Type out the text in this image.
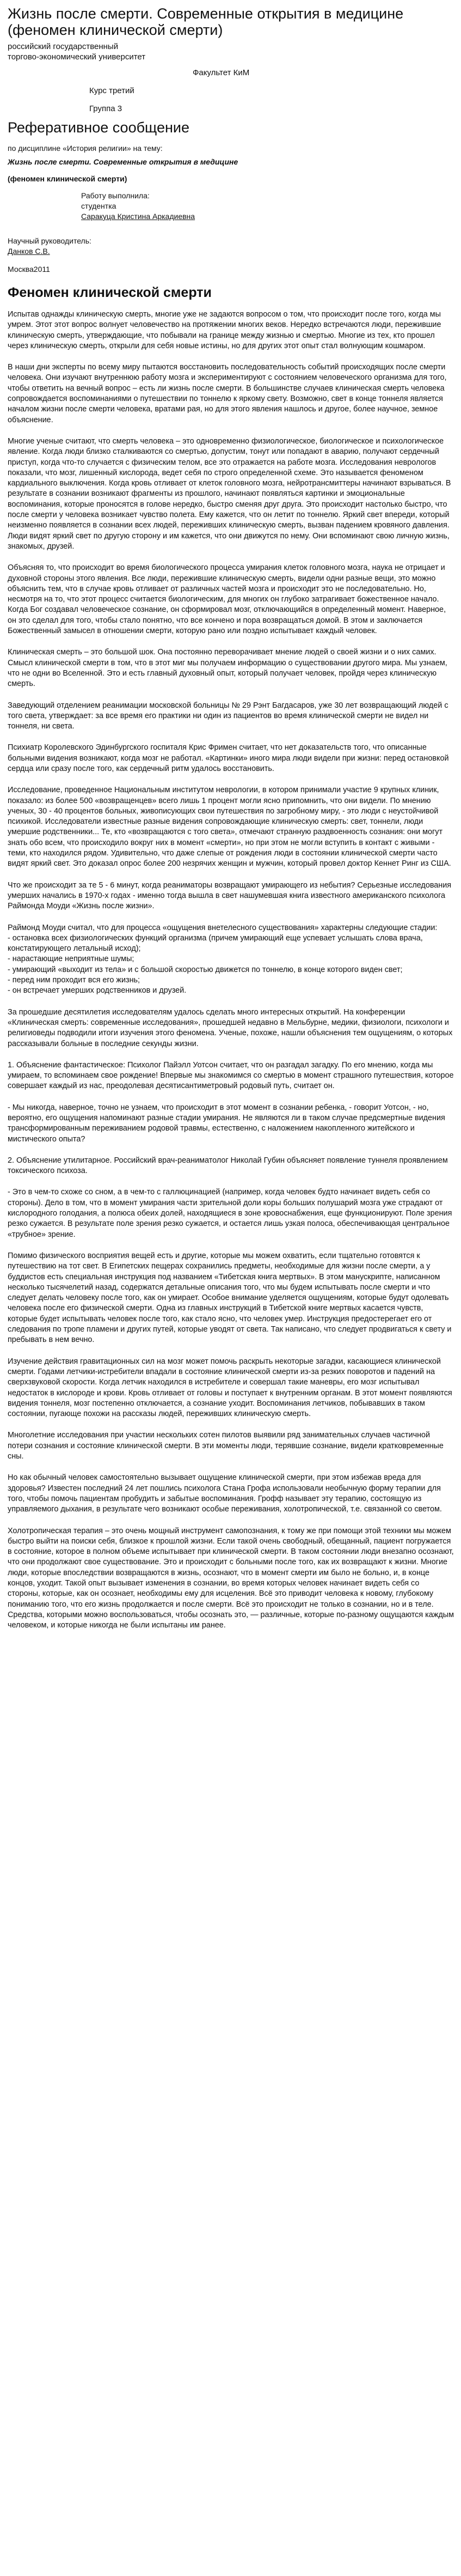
Жизнь после смерти. Современные открытия в медицине
(феномен клинической смерти)

российский государственный

торгово-экономический университет

Факультет КиМ

Курс третий

Группа 3

Реферативное сообщение

по дисциплине «История религии» на тему:

Жизнь после смерти. Современные открытия в медицине

(феномен клинической смерти)

Работу выполнила:

студентка

Саракуца Кристина Аркадиевна

Научный руководитель:

Данков С.В.

Москва2011

Феномен клинической смерти

Испытав однажды клиническую смерть, многие уже не задаются вопросом о том, что происходит после того, когда мы умрем. Этот этот вопрос волнует человечество на протяжении многих веков. Нередко встречаются люди, пережившие клиническую смерть, утверждающие, что побывали на границе между жизнью и смертью. Многие из тех, кто прошел через клиническую смерть, открыли для себя новые истины, но для других этот опыт стал волнующим кошмаром.

В наши дни эксперты по всему миру пытаются восстановить последовательность событий происходящих после смерти человека. Они изучают внутреннюю работу мозга и экспериментируют с состоянием человеческого организма для того, чтобы ответить на вечный вопрос – есть ли жизнь после смерти. В большинстве случаев клиническая смерть человека сопровождается воспоминаниями о путешествии по тоннелю к яркому свету. Возможно, свет в конце тоннеля является началом жизни после смерти человека, вратами рая, но для этого явления нашлось и другое, более научное, земное объяснение.

Многие ученые считают, что смерть человека – это одновременно физиологическое, биологическое и психологическое явление. Когда люди близко сталкиваются со смертью, допустим, тонут или попадают в аварию, получают сердечный приступ, когда что-то случается с физическим телом, все это отражается на работе мозга. Исследования неврологов показали, что мозг, лишенный кислорода, ведет себя по строго определенной схеме. Это называется феноменом кардиального выключения. Когда кровь отливает от клеток головного мозга, нейротрансмиттеры начинают взрываться. В результате в сознании возникают фрагменты из прошлого, начинают появляться картинки и эмоциональные воспоминания, которые проносятся в голове нередко, быстро сменяя друг друга. Это происходит настолько быстро, что после смерти у человека возникает чувство полета. Ему кажется, что он летит по тоннелю. Яркий свет впереди, который неизменно появляется в сознании всех людей, переживших клиническую смерть, вызван падением кровяного давления. Люди видят яркий свет по другую сторону и им кажется, что они движутся по нему. Они вспоминают свою личную жизнь, знакомых, друзей.

Объясняя то, что происходит во время биологического процесса умирания клеток головного мозга, наука не отрицает и духовной стороны этого явления. Все люди, пережившие клиническую смерть, видели одни разные вещи, это можно объяснить тем, что в случае кровь отливает от различных частей мозга и происходит это не последовательно. Но, несмотря на то, что этот процесс считается биологическим, для многих он глубоко затрагивает божественное начало. Когда Бог создавал человеческое сознание, он сформировал мозг, отключающийся в определенный момент. Наверное, он это сделал для того, чтобы стало понятно, что все кончено и пора возвращаться домой. В этом и заключается Божественный замысел в отношении смерти, которую рано или поздно испытывает каждый человек.

Клиническая смерть – это большой шок. Она постоянно переворачивает мнение людей о своей жизни и о них самих. Смысл клинической смерти в том, что в этот миг мы получаем информацию о существовании другого мира. Мы узнаем, что не одни во Вселенной. Это и есть главный духовный опыт, который получает человек, пройдя через клиническую смерть.

Заведующий отделением реанимации московской больницы № 29 Рэнт Багдасаров, уже 30 лет возвращающий людей с того света, утверждает: за все время его практики ни один из пациентов во время клинической смерти не видел ни тоннеля, ни света.

Психиатр Королевского Эдинбургского госпиталя Крис Фримен считает, что нет доказательств того, что описанные больными видения возникают, когда мозг не работал. «Картинки» иного мира люди видели при жизни: перед остановкой сердца или сразу после того, как сердечный ритм удалось восстановить.

Исследование, проведенное Национальным институтом неврологии, в котором принимали участие 9 крупных клиник, показало: из более 500 «возвращенцев» всего лишь 1 процент могли ясно припомнить, что они видели. По мнению ученых, 30 - 40 процентов больных, живописующих свои путешествия по загробному миру, - это люди с неустойчивой психикой. Исследователи известные разные видения сопровождающие клиническую смерть: свет, тоннели, люди умершие родственники... Те, кто «возвращаются с того света», отмечают странную раздвоенность сознания: они могут знать обо всем, что происходило вокруг них в момент «смерти», но при этом не могли вступить в контакт с живыми - теми, кто находился рядом. Удивительно, что даже слепые от рождения люди в состоянии клинической смерти часто видят яркий свет. Это доказал опрос более 200 незрячих женщин и мужчин, который провел доктор Кеннет Ринг из США.

Что же происходит за те 5 - 6 минут, когда реаниматоры возвращают умирающего из небытия? Серьезные исследования умерших начались в 1970-х годах - именно тогда вышла в свет нашумевшая книга известного американского психолога Раймонда Моуди «Жизнь после жизни».

Раймонд Моуди считал, что для процесса «ощущения внетелесного существования» характерны следующие стадии:
- остановка всех физиологических функций организма (причем умирающий еще успевает услышать слова врача, констатирующего летальный исход);
- нарастающие неприятные шумы;
- умирающий «выходит из тела» и с большой скоростью движется по тоннелю, в конце которого виден свет;
- перед ним проходит вся его жизнь;
- он встречает умерших родственников и друзей.

За прошедшие десятилетия исследователям удалось сделать много интересных открытий. На конференции «Клиническая смерть: современные исследования», прошедшей недавно в Мельбурне, медики, физиологи, психологи и религиоведы подводили итоги изучения этого феномена. Ученые, похоже, нашли объяснения тем ощущениям, о которых рассказывали больные в последние секунды жизни.

1. Объяснение фантастическое: Психолог Пайэлл Уотсон считает, что он разгадал загадку. По его мнению, когда мы умираем, то вспоминаем свое рождение! Впервые мы знакомимся со смертью в момент страшного путешествия, которое совершает каждый из нас, преодолевая десятисантиметровый родовый путь, считает он.

- Мы никогда, наверное, точно не узнаем, что происходит в этот момент в сознании ребенка, - говорит Уотсон, - но, вероятно, его ощущения напоминают разные стадии умирания. Не являются ли в таком случае предсмертные видения трансформированным переживанием родовой травмы, естественно, с наложением накопленного житейского и мистического опыта?

2. Объяснение утилитарное. Российский врач-реаниматолог Николай Губин объясняет появление туннеля проявлением токсического психоза.

- Это в чем-то схоже со сном, а в чем-то с галлюцинацией (например, когда человек будто начинает видеть себя со стороны). Дело в том, что в момент умирания части зрительной доли коры больших полушарий мозга уже страдают от кислородного голодания, а полюса обеих долей, находящиеся в зоне кровоснабжения, еще функционируют. Поле зрения резко сужается. В результате поле зрения резко сужается, и остается лишь узкая полоса, обеспечивающая центральное «трубное» зрение.

Помимо физического восприятия вещей есть и другие, которые мы можем охватить, если тщательно готовятся к путешествию на тот свет. В Египетских пещерах сохранились предметы, необходимые для жизни после смерти, а у буддистов есть специальная инструкция под названием «Тибетская книга мертвых». В этом манускрипте, написанном несколько тысячелетий назад, содержатся детальные описания того, что мы будем испытывать после смерти и что следует делать человеку после того, как он умирает. Особое внимание уделяется ощущениям, которые будут одолевать человека после его физической смерти. Одна из главных инструкций в Тибетской книге мертвых касается чувств, которые будет испытывать человек после того, как стало ясно, что человек умер. Инструкция предостерегает его от следования по тропе пламени и других путей, которые уводят от света. Так написано, что следует продвигаться к свету и пребывать в нем вечно.

Изучение действия гравитационных сил на мозг может помочь раскрыть некоторые загадки, касающиеся клинической смерти. Годами летчики-истребители впадали в состояние клинической смерти из-за резких поворотов и падений на сверхзвуковой скорости. Когда летчик находился в истребителе и совершал такие маневры, его мозг испытывал недостаток в кислороде и крови. Кровь отливает от головы и поступает к внутренним органам. В этот момент появляются видения тоннеля, мозг постепенно отключается, а сознание уходит. Воспоминания летчиков, побывавших в таком состоянии, пугающе похожи на рассказы людей, переживших клиническую смерть.

Многолетние исследования при участии нескольких сотен пилотов выявили ряд занимательных случаев частичной потери сознания и состояние клинической смерти. В эти моменты люди, терявшие сознание, видели кратковременные сны.

Но как обычный человек самостоятельно вызывает ощущение клинической смерти, при этом избежав вреда для здоровья? Известен последний 24 лет пошлись психолога Стана Грофа использовали необычную форму терапии для того, чтобы помочь пациентам пробудить и забытые воспоминания. Грофф называет эту терапию, состоящую из управляемого дыхания, в результате чего возникают особые переживания, холотропической, т.е. связанной со светом.

Холотропическая терапия – это очень мощный инструмент самопознания, к тому же при помощи этой техники мы можем быстро выйти на поиски себя, близкое к прошлой жизни. Если такой очень свободный, обещанный, пациент погружается в состояние, которое в полном объеме испытывает при клинической смерти. В таком состоянии люди внезапно осознают, что они продолжают свое существование. Это и происходит с больными после того, как их возвращают к жизни. Многие люди, которые впоследствии возвращаются в жизнь, осознают, что в момент смерти им было не больно, и, в конце концов, уходит. Такой опыт вызывает изменения в сознании, во время которых человек начинает видеть себя со стороны, которые, как он осознает, необходимы ему для исцеления. Всё это приводит человека к новому, глубокому пониманию того, что его жизнь продолжается и после смерти. Всё это происходит не только в сознании, но и в теле. Средства, которыми можно воспользоваться, чтобы осознать это, — различные, которые по-разному ощущаются каждым человеком, и которые никогда не были испытаны им ранее.
